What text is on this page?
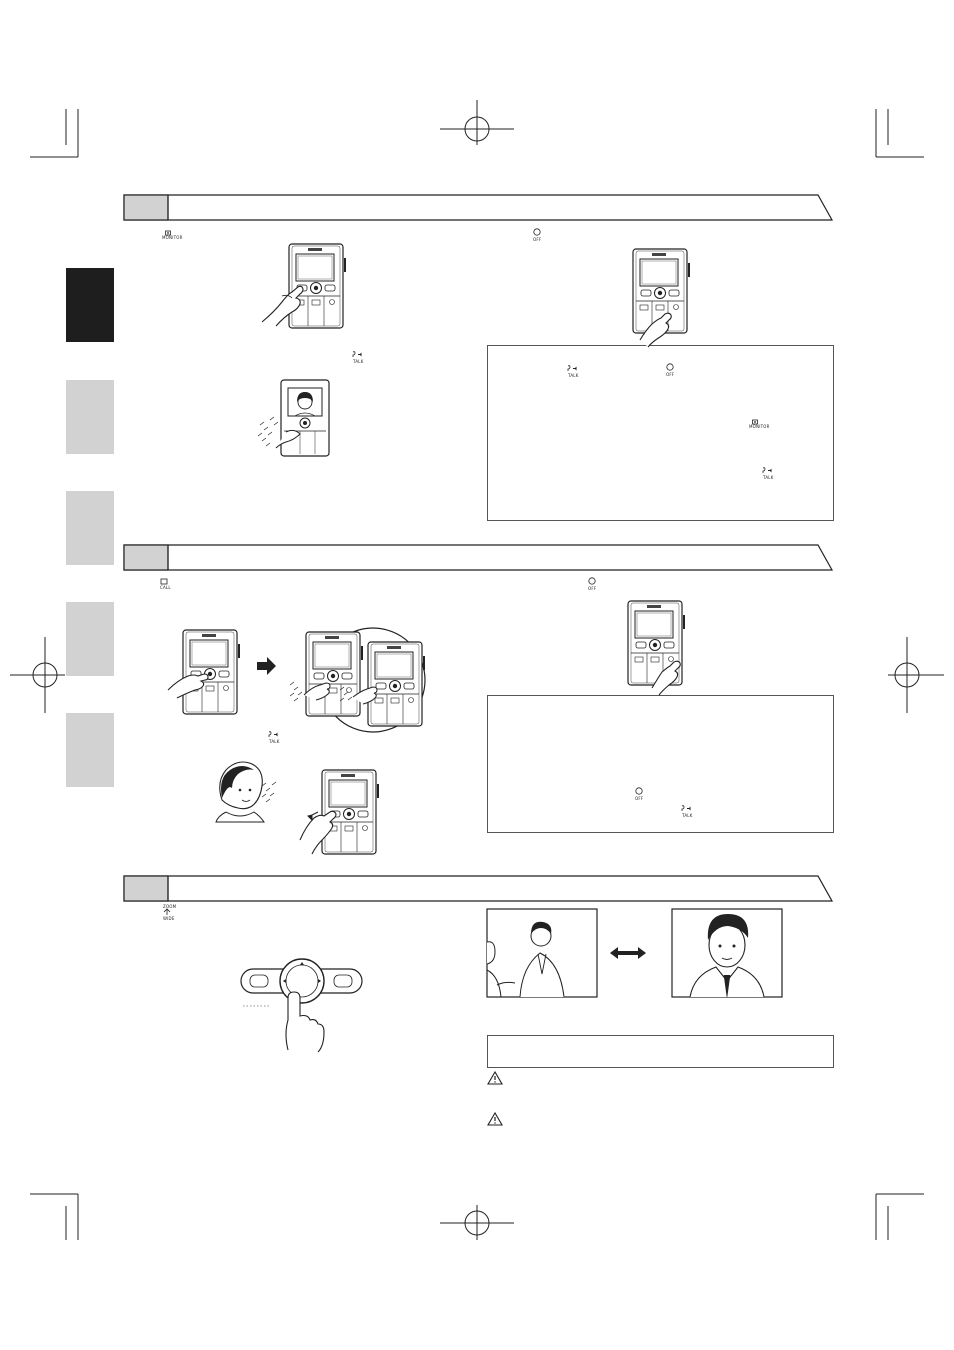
MONITOR	OFF
TALK
TALK	OFF
MONITOR
TALK
CALL	OFF
TALK
OFF
TALK
ZOOM
WIDE
